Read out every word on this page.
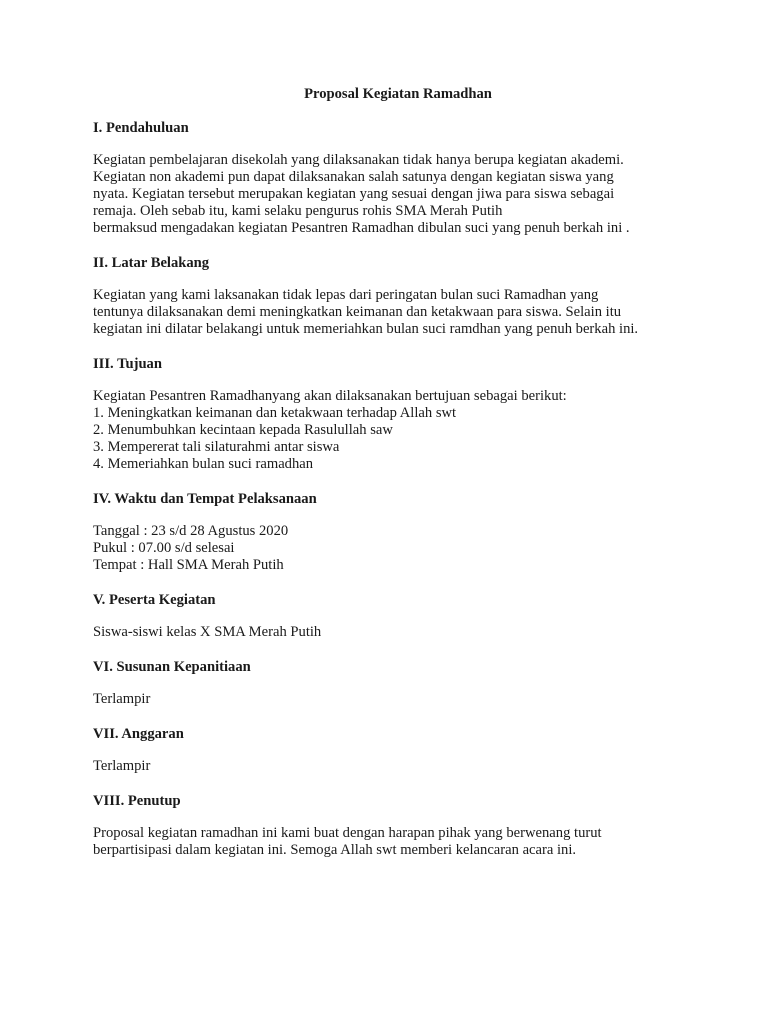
Proposal Kegiatan Ramadhan

I. Pendahuluan

Kegiatan pembelajaran disekolah yang dilaksanakan tidak hanya berupa kegiatan akademi.
Kegiatan non akademi pun dapat dilaksanakan salah satunya dengan kegiatan siswa yang
nyata. Kegiatan tersebut merupakan kegiatan yang sesuai dengan jiwa para siswa sebagai
remaja. Oleh sebab itu, kami selaku pengurus rohis SMA Merah Putih
bermaksud mengadakan kegiatan Pesantren Ramadhan dibulan suci yang penuh berkah ini .

II. Latar Belakang

Kegiatan yang kami laksanakan tidak lepas dari peringatan bulan suci Ramadhan yang
tentunya dilaksanakan demi meningkatkan keimanan dan ketakwaan para siswa. Selain itu
kegiatan ini dilatar belakangi untuk memeriahkan bulan suci ramdhan yang penuh berkah ini.

III. Tujuan

Kegiatan Pesantren Ramadhanyang akan dilaksanakan bertujuan sebagai berikut:
1. Meningkatkan keimanan dan ketakwaan terhadap Allah swt
2. Menumbuhkan kecintaan kepada Rasulullah saw
3. Mempererat tali silaturahmi antar siswa
4. Memeriahkan bulan suci ramadhan

IV. Waktu dan Tempat Pelaksanaan

Tanggal : 23 s/d 28 Agustus 2020
Pukul : 07.00 s/d selesai
Tempat : Hall SMA Merah Putih

V. Peserta Kegiatan

Siswa-siswi kelas X SMA Merah Putih

VI. Susunan Kepanitiaan

Terlampir

VII. Anggaran

Terlampir

VIII. Penutup

Proposal kegiatan ramadhan ini kami buat dengan harapan pihak yang berwenang turut
berpartisipasi dalam kegiatan ini. Semoga Allah swt memberi kelancaran acara ini.
